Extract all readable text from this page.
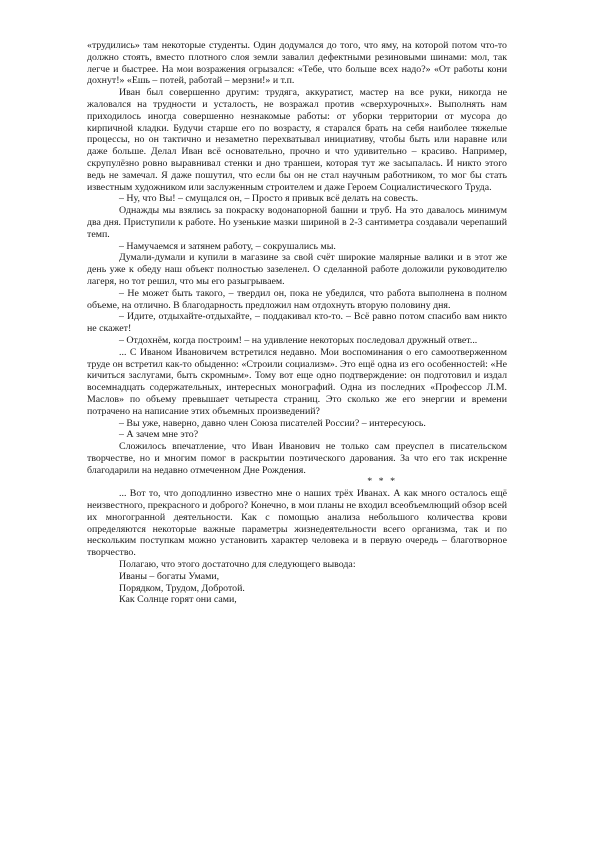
«трудились» там некоторые студенты. Один додумался до того, что яму, на которой потом что-то должно стоять, вместо плотного слоя земли завалил дефектными резиновыми шинами: мол, так легче и быстрее. На мои возражения огрызался: «Тебе, что больше всех надо?» «От работы кони дохнут!» «Ешь – потей, работай – мерзни!» и т.п.

Иван был совершенно другим: трудяга, аккуратист, мастер на все руки, никогда не жаловался на трудности и усталость, не возражал против «сверхурочных». Выполнять нам приходилось иногда совершенно незнакомые работы: от уборки территории от мусора до кирпичной кладки. Будучи старше его по возрасту, я старался брать на себя наиболее тяжелые процессы, но он тактично и незаметно перехватывал инициативу, чтобы быть или наравне или даже больше. Делал Иван всё основательно, прочно и что удивительно – красиво. Например, скрупулёзно ровно выравнивал стенки и дно траншеи, которая тут же засыпалась. И никто этого ведь не замечал. Я даже пошутил, что если бы он не стал научным работником, то мог бы стать известным художником или заслуженным строителем и даже Героем Социалистического Труда.

– Ну, что Вы! – смущался он, – Просто я привык всё делать на совесть.

Однажды мы взялись за покраску водонапорной башни и труб. На это давалось минимум два дня. Приступили к работе. Но узенькие мазки шириной в 2-3 сантиметра создавали черепаший темп.

– Намучаемся и затянем работу, – сокрушались мы.

Думали-думали и купили в магазине за свой счёт широкие малярные валики и в этот же день уже к обеду наш объект полностью зазеленел. О сделанной работе доложили руководителю лагеря, но тот решил, что мы его разыгрываем.

– Не может быть такого, – твердил он, пока не убедился, что работа выполнена в полном объеме, на отлично. В благодарность предложил нам отдохнуть вторую половину дня.

– Идите, отдыхайте-отдыхайте, – поддакивал кто-то. – Всё равно потом спасибо вам никто не скажет!

– Отдохнём, когда построим! – на удивление некоторых последовал дружный ответ...

... С Иваном Ивановичем встретился недавно. Мои воспоминания о его самоотверженном труде он встретил как-то обыденно: «Строили социализм». Это ещё одна из его особенностей: «Не кичиться заслугами, быть скромным». Тому вот еще одно подтверждение: он подготовил и издал восемнадцать содержательных, интересных монографий. Одна из последних «Профессор Л.М. Маслов» по объему превышает четыреста страниц. Это сколько же его энергии и времени потрачено на написание этих объемных произведений?

– Вы уже, наверно, давно член Союза писателей России? – интересуюсь.

– А зачем мне это?

Сложилось впечатление, что Иван Иванович не только сам преуспел в писательском творчестве, но и многим помог в раскрытии поэтического дарования. За что его так искренне благодарили на недавно отмеченном Дне Рождения.

* * *

... Вот то, что доподлинно известно мне о наших трёх Иванах. А как много осталось ещё неизвестного, прекрасного и доброго? Конечно, в мои планы не входил всеобъемлющий обзор всей их многогранной деятельности. Как с помощью анализа небольшого количества крови определяются некоторые важные параметры жизнедеятельности всего организма, так и по нескольким поступкам можно установить характер человека и в первую очередь – благотворное творчество.

Полагаю, что этого достаточно для следующего вывода:

Иваны – богаты Умами,

Порядком, Трудом, Добротой.

Как Солнце горят они сами,
